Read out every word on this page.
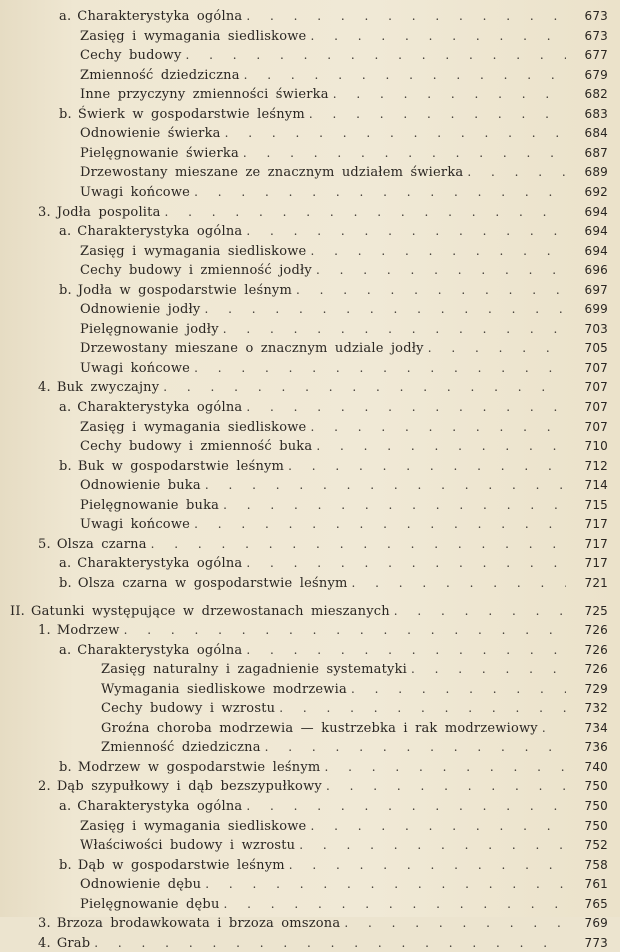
a. Charakterystyka ogólna . . .	673
Zasięg i wymagania siedliskowe . . .	673
Cechy budowy . . .	677
Zmienność dziedziczna . . .	679
Inne przyczyny zmienności świerka . . .	682
b. Świerk w gospodarstwie leśnym . . .	683
Odnowienie świerka . . .	684
Pielęgnowanie świerka . . .	687
Drzewostany mieszane ze znacznym udziałem świerka . . .	689
Uwagi końcowe . . .	692
3. Jodła pospolita . . .	694
a. Charakterystyka ogólna . . .	694
Zasięg i wymagania siedliskowe . . .	694
Cechy budowy i zmienność jodły . . .	696
b. Jodła w gospodarstwie leśnym . . .	697
Odnowienie jodły . . .	699
Pielęgnowanie jodły . . .	703
Drzewostany mieszane o znacznym udziale jodły . . .	705
Uwagi końcowe . . .	707
4. Buk zwyczajny . . .	707
a. Charakterystyka ogólna . . .	707
Zasięg i wymagania siedliskowe . . .	707
Cechy budowy i zmienność buka . . .	710
b. Buk w gospodarstwie leśnym . . .	712
Odnowienie buka . . .	714
Pielęgnowanie buka . . .	715
Uwagi końcowe . . .	717
5. Olsza czarna . . .	717
a. Charakterystyka ogólna . . .	717
b. Olsza czarna w gospodarstwie leśnym . . .	721
II. Gatunki występujące w drzewostanach mieszanych . . .	725
1. Modrzew . . .	726
a. Charakterystyka ogólna . . .	726
Zasięg naturalny i zagadnienie systematyki . . .	726
Wymagania siedliskowe modrzewia . . .	729
Cechy budowy i wzrostu . . .	732
Groźna choroba modrzewia — kustrzebka i rak modrzewiowy . . .	734
Zmienność dziedziczna . . .	736
b. Modrzew w gospodarstwie leśnym . . .	740
2. Dąb szypułkowy i dąb bezszypułkowy . . .	750
a. Charakterystyka ogólna . . .	750
Zasięg i wymagania siedliskowe . . .	750
Właściwości budowy i wzrostu . . .	752
b. Dąb w gospodarstwie leśnym . . .	758
Odnowienie dębu . . .	761
Pielęgnowanie dębu . . .	765
3. Brzoza brodawkowata i brzoza omszona . . .	769
4. Grab . . .	773
